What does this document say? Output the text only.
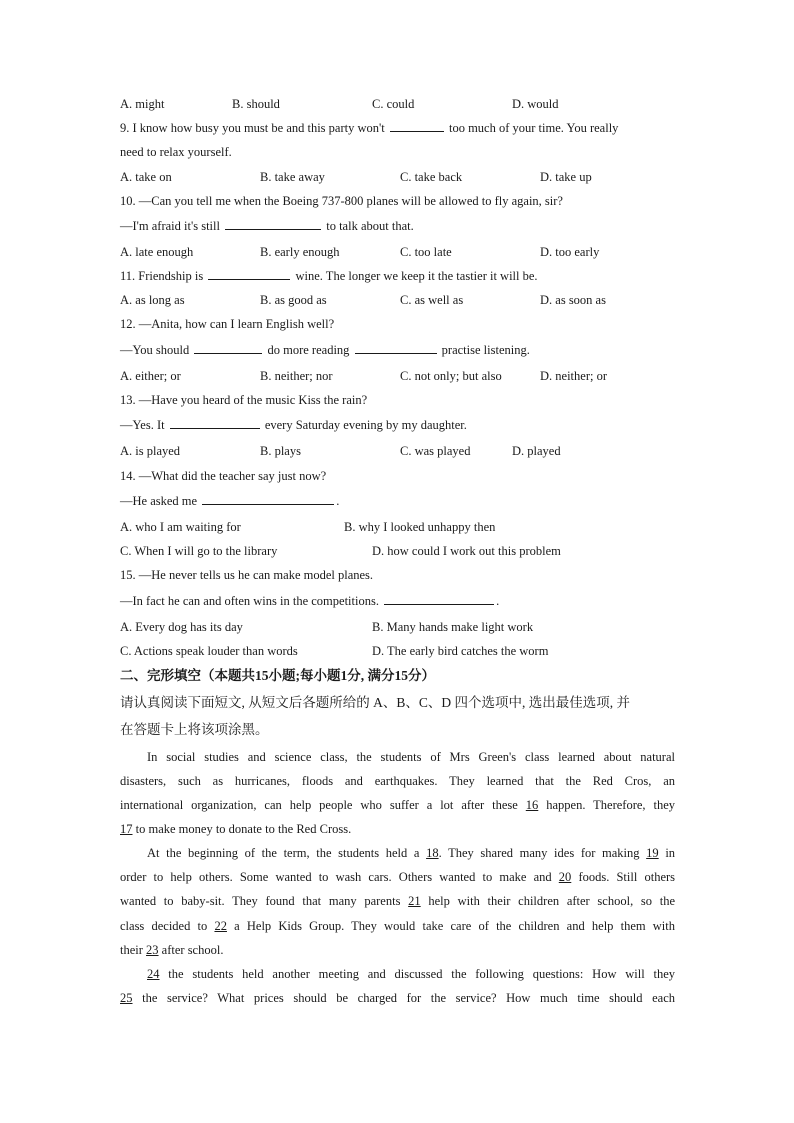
A. might	B. should	C. could	D. would
9. I know how busy you must be and this party won't	too much of your time. You really
need to relax yourself.
A. take on	B. take away	C. take back	D. take up
10. —Can you tell me when the Boeing 737-800 planes will be allowed to fly again, sir?
—I'm afraid it's still	to talk about that.
A. late enough	B. early enough	C. too late	D. too early
11. Friendship is	wine. The longer we keep it the tastier it will be.
A. as long as	B. as good as	C. as well as	D. as soon as
12. —Anita, how can I learn English well?
—You should	do more reading	practise listening.
A. either; or	B. neither; nor	C. not only; but also	D. neither; or
13. —Have you heard of the music Kiss the rain?
—Yes. It	every Saturday evening by my daughter.
A. is played	B. plays	C. was played	D. played
14. —What did the teacher say just now?
—He asked me	.
A. who I am waiting for	B. why I looked unhappy then
C. When I will go to the library	D. how could I work out this problem
15. —He never tells us he can make model planes.
—In fact he can and often wins in the competitions.	.
A. Every dog has its day	B. Many hands make light work
C. Actions speak louder than words	D. The early bird catches the worm
二、完形填空（本题共15小题;每小题1分, 满分15分）
请认真阅读下面短文, 从短文后各题所给的 A、B、C、D 四个选项中, 选出最佳选项, 并
在答题卡上将该项涂黑。
In social studies and science class, the students of Mrs Green's class learned about natural
disasters, such as hurricanes, floods and earthquakes. They learned that the Red Cros, an
international organization, can help people who suffer a lot after these 16 happen. Therefore, they
17 to make money to donate to the Red Cross.
At the beginning of the term, the students held a 18. They shared many ides for making 19 in
order to help others. Some wanted to wash cars. Others wanted to make and 20 foods. Still others
wanted to baby-sit. They found that many parents 21 help with their children after school, so the
class decided to 22 a Help Kids Group. They would take care of the children and help them with
their 23 after school.
24 the students held another meeting and discussed the following questions: How will they
25 the service? What prices should be charged for the service? How much time should each
